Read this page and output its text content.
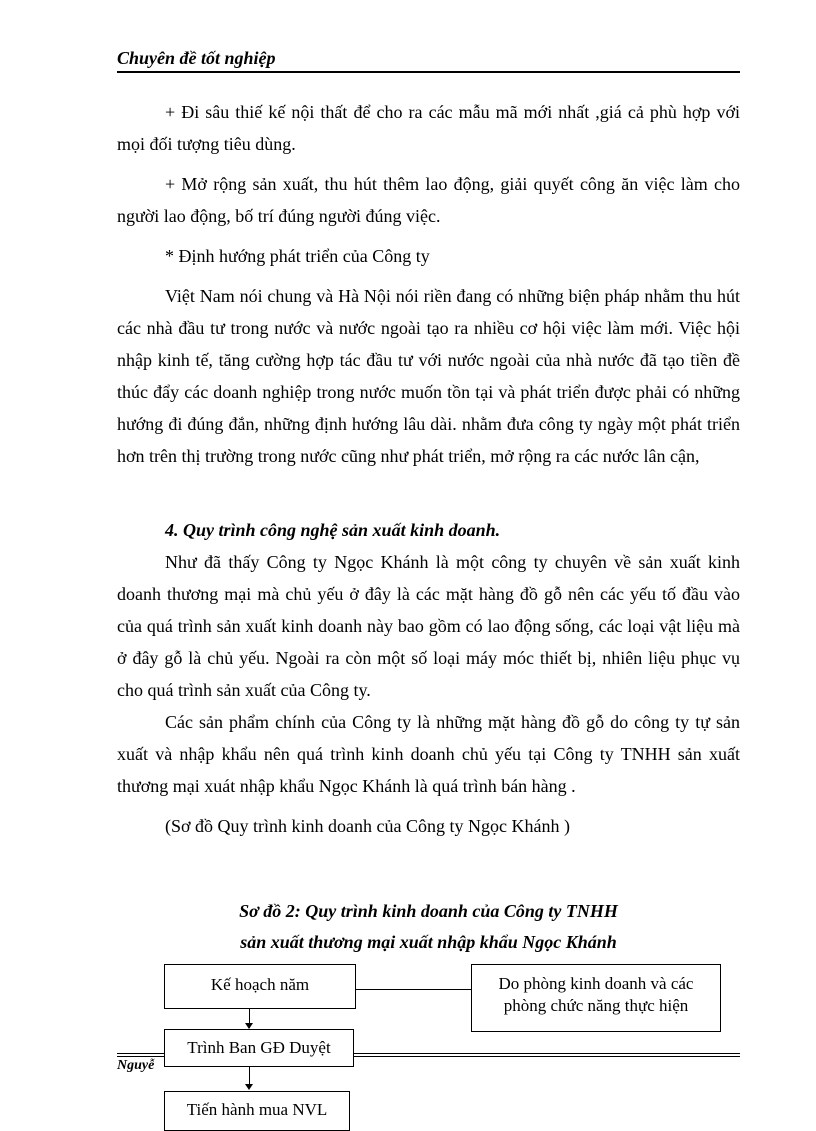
Chuyên đề tốt nghiệp

+ Đi sâu thiế kế nội thất để cho ra các mẫu mã mới nhất ,giá cả phù hợp với mọi đối tượng tiêu dùng.

+ Mở rộng sản xuất, thu hút thêm lao động, giải quyết công ăn việc làm cho người lao động, bố trí đúng người đúng việc.

* Định hướng phát triển của Công ty

Việt Nam nói chung và Hà Nội nói riền đang có những biện pháp nhằm thu hút các nhà đầu tư trong nước và nước ngoài tạo ra nhiều cơ hội việc làm mới. Việc hội nhập kinh tế, tăng cường hợp tác đầu tư với nước ngoài của nhà nước đã tạo tiền đề thúc đẩy các doanh nghiệp trong nước muốn tồn tại và phát triển được phải có những hướng đi đúng đắn, những định hướng lâu dài. nhằm đưa công ty ngày một phát triển hơn trên thị trường trong nước cũng như phát triển, mở rộng ra các nước lân cận,

4. Quy trình công nghệ sản xuất kinh doanh.

Như đã thấy Công ty Ngọc Khánh là một công ty chuyên về sản xuất kinh doanh thương mại mà chủ yếu ở đây là các mặt hàng đồ gỗ nên các yếu tố đầu vào của quá trình sản xuất kinh doanh này bao gồm có lao động sống, các loại vật liệu mà ở đây gỗ là chủ yếu. Ngoài ra còn một số loại máy móc thiết bị, nhiên liệu phục vụ cho quá trình sản xuất của Công ty.

Các sản phẩm chính của Công ty là những mặt hàng đồ gỗ do công ty tự sản xuất và nhập khẩu nên quá trình kinh doanh chủ yếu tại Công ty TNHH sản xuất thương mại xuát nhập khẩu Ngọc Khánh là quá trình bán hàng .

(Sơ đồ Quy trình kinh doanh của Công ty Ngọc Khánh )

Sơ đồ 2: Quy trình kinh doanh của Công ty TNHH
sản xuất thương mại xuất nhập khẩu Ngọc Khánh
Nguyễ
Kế hoạch năm	Do phòng kinh doanh và các
phòng chức năng thực hiện
Trình Ban GĐ Duyệt
Tiến hành mua NVL
